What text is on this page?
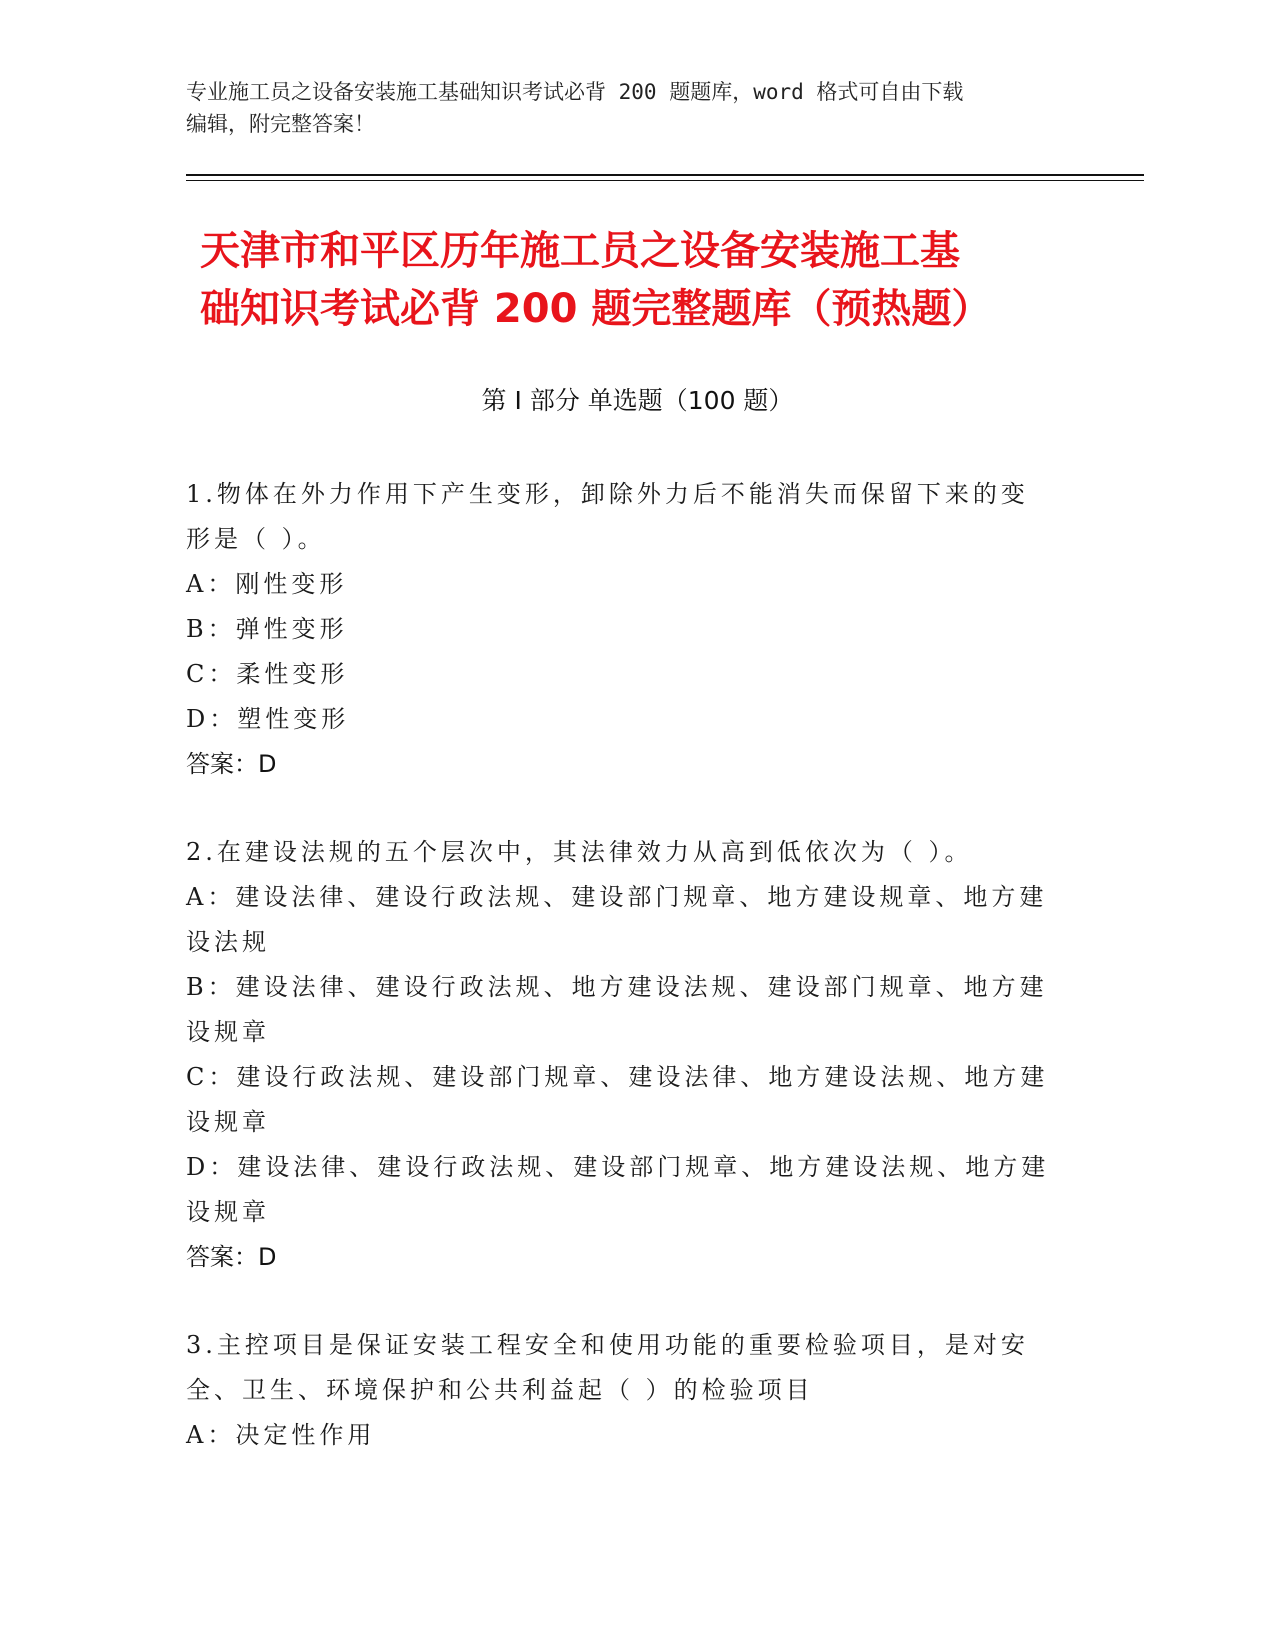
专业施工员之设备安装施工基础知识考试必背 200 题题库，word 格式可自由下载
编辑，附完整答案！
天津市和平区历年施工员之设备安装施工基
础知识考试必背 200 题完整题库（预热题）
第 I 部分 单选题（100 题）

1.物体在外力作用下产生变形，卸除外力后不能消失而保留下来的变

形是（ ）。

A：刚性变形

B：弹性变形

C：柔性变形

D：塑性变形

答案：D

2.在建设法规的五个层次中，其法律效力从高到低依次为（ ）。

A：建设法律、建设行政法规、建设部门规章、地方建设规章、地方建

设法规

B：建设法律、建设行政法规、地方建设法规、建设部门规章、地方建

设规章

C：建设行政法规、建设部门规章、建设法律、地方建设法规、地方建

设规章

D：建设法律、建设行政法规、建设部门规章、地方建设法规、地方建

设规章

答案：D

3.主控项目是保证安装工程安全和使用功能的重要检验项目，是对安

全、卫生、环境保护和公共利益起（ ）的检验项目

A：决定性作用
